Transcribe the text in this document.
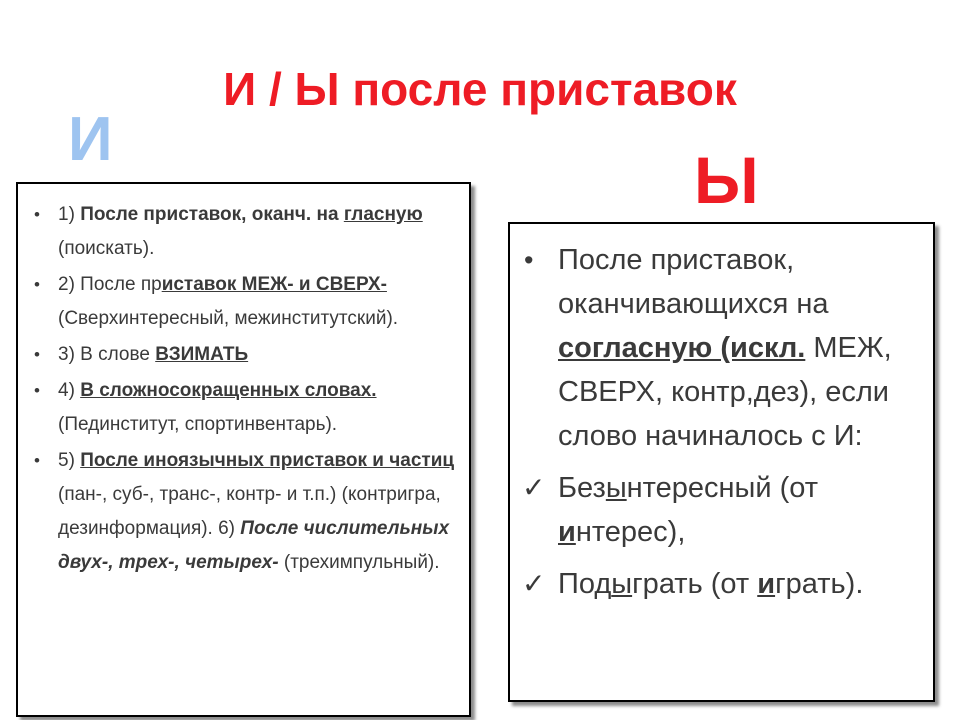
И / Ы после приставок
И
Ы
• 1) После приставок, оканч. на гласную (поискать).
• 2) После приставок МЕЖ- и СВЕРХ- (Сверхинтересный, межинститутский).
• 3) В слове ВЗИМАТЬ
• 4) В сложносокращенных словах. (Пединститут, спортинвентарь).
• 5) После иноязычных приставок и частиц (пан-, суб-, транс-, контр- и т.п.) (контригра, дезинформация). 6) После числительных двух-, трех-, четырех- (трехимпульный).
• После приставок, оканчивающихся на согласную (искл. МЕЖ, СВЕРХ, контр,дез), если слово начиналось с И:
✓ Безынтересный (от интерес),
✓ Подыграть (от играть).
